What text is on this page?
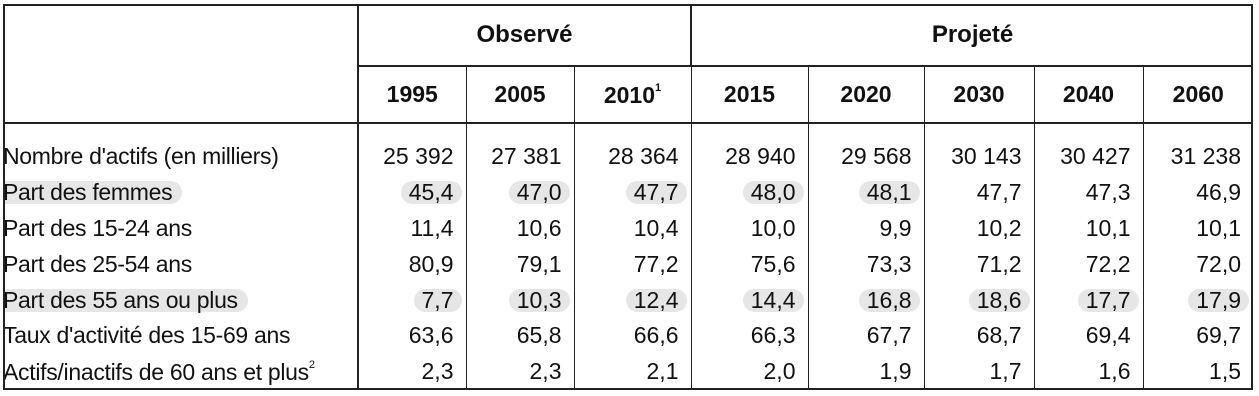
	Observé			Projeté				
	1995	2005	2010$^1$	2015	2020	2030	2040	2060

Nombre d'actifs (en milliers)	25 392	27 381	28 364	28 940	29 568	30 143	30 427	31 238
Part des femmes	45,4	47,0	47,7	48,0	48,1	47,7	47,3	46,9
Part des 15-24 ans	11,4	10,6	10,4	10,0	9,9	10,2	10,1	10,1
Part des 25-54 ans	80,9	79,1	77,2	75,6	73,3	71,2	72,2	72,0
Part des 55 ans ou plus	7,7	10,3	12,4	14,4	16,8	18,6	17,7	17,9
Taux d'activité des 15-69 ans	63,6	65,8	66,6	66,3	67,7	68,7	69,4	69,7
Actifs/inactifs de 60 ans et plus$^2$	2,3	2,3	2,1	2,0	1,9	1,7	1,6	1,5
